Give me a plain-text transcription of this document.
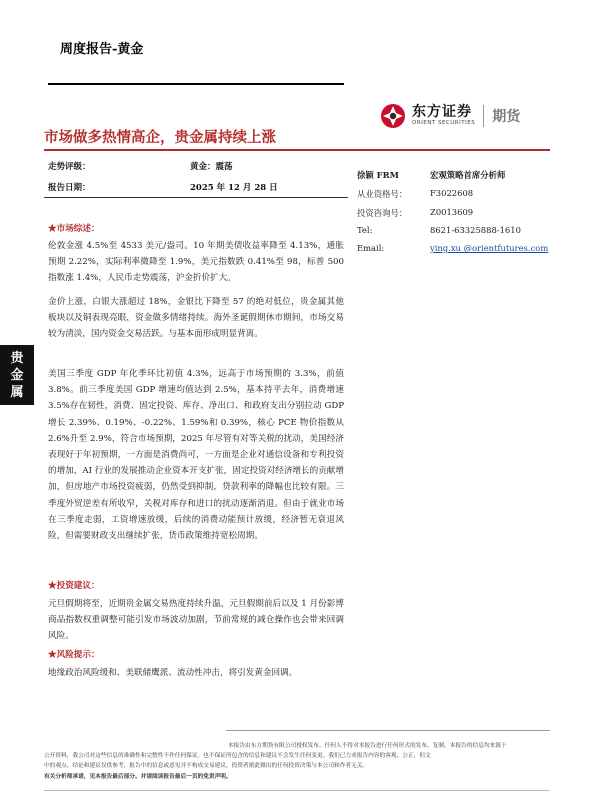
周度报告-黄金
东方证券
ORIENT SECURITIES 期货
市场做多热情高企，贵金属持续上涨
走势评级：	黄金：震荡
报告日期：	2025 年 12 月 28 日
徐颖 FRM	宏观策略首席分析师
从业资格号：	F3022608
投资咨询号：	Z0013609
Tel:	8621-63325888-1610
Email:	ying.xu @orientfutures.com
★市场综述：
伦敦金涨 4.5%至 4533 美元/盎司。10 年期美债收益率降至 4.13%，通胀预期 2.22%，实际利率微降至 1.9%，美元指数跌 0.41%至 98，标普 500 指数涨 1.4%，人民币走势震荡，沪金折价扩大。
金价上涨，白银大涨超过 18%，金银比下降至 57 的绝对低位，贵金属其他板块以及铜表现亮眼，资金做多情绪持续。海外圣诞假期休市期间，市场交易较为清淡，国内资金交易活跃。与基本面形成明显背离。
美国三季度 GDP 年化季环比初值 4.3%，远高于市场预期的 3.3%，前值 3.8%。前三季度美国 GDP 增速均值达到 2.5%，基本持平去年，消费增速 3.5%存在韧性，消费、固定投资、库存、净出口、和政府支出分别拉动 GDP 增长 2.39%、0.19%、-0.22%、1.59%和 0.39%，核心 PCE 物价指数从 2.6%升至 2.9%，符合市场预期，2025 年尽管有对等关税的扰动，美国经济表现好于年初预期，一方面是消费尚可，一方面是企业对通信设备和专利投资的增加，AI 行业的发展推动企业资本开支扩张，固定投资对经济增长的贡献增加，但房地产市场投资疲弱，仍然受到抑制，贷款利率的降幅也比较有限。三季度外贸逆差有所收窄，关税对库存和进口的扰动逐渐消退。但由于就业市场在三季度走弱，工资增速放缓，后续的消费动能预计放缓，经济暂无衰退风险，但需要财政支出继续扩张，货币政策维持宽松周期。
★投资建议：
元旦假期将至，近期贵金属交易热度持续升温，元旦假期前后以及 1 月份影博商品指数权重调整可能引发市场波动加剧，节前常规的减仓操作也会带来回调风险。
★风险提示：
地缘政治风险缓和、美联储鹰派、流动性冲击，将引发黄金回调。
贵
金
属
本报告由东方期货有限公司授权发布。任何人不得对本报告进行任何形式的发布、复制。本报告的信息均来源于
公开资料，我公司对这些信息的准确性和完整性不作任何保证。也不保证所包含的信息和建议不会发生任何变更。我们已力求报告内容的客观、公正，但文
中的观点、结论和建议仅供参考，报告中的信息或意见并不构成交易建议，投资者据此做出的任何投资决策与本公司和作者无关。
有关分析师承诺，见本报告最后部分。并请阅读报告最后一页的免责声明。
